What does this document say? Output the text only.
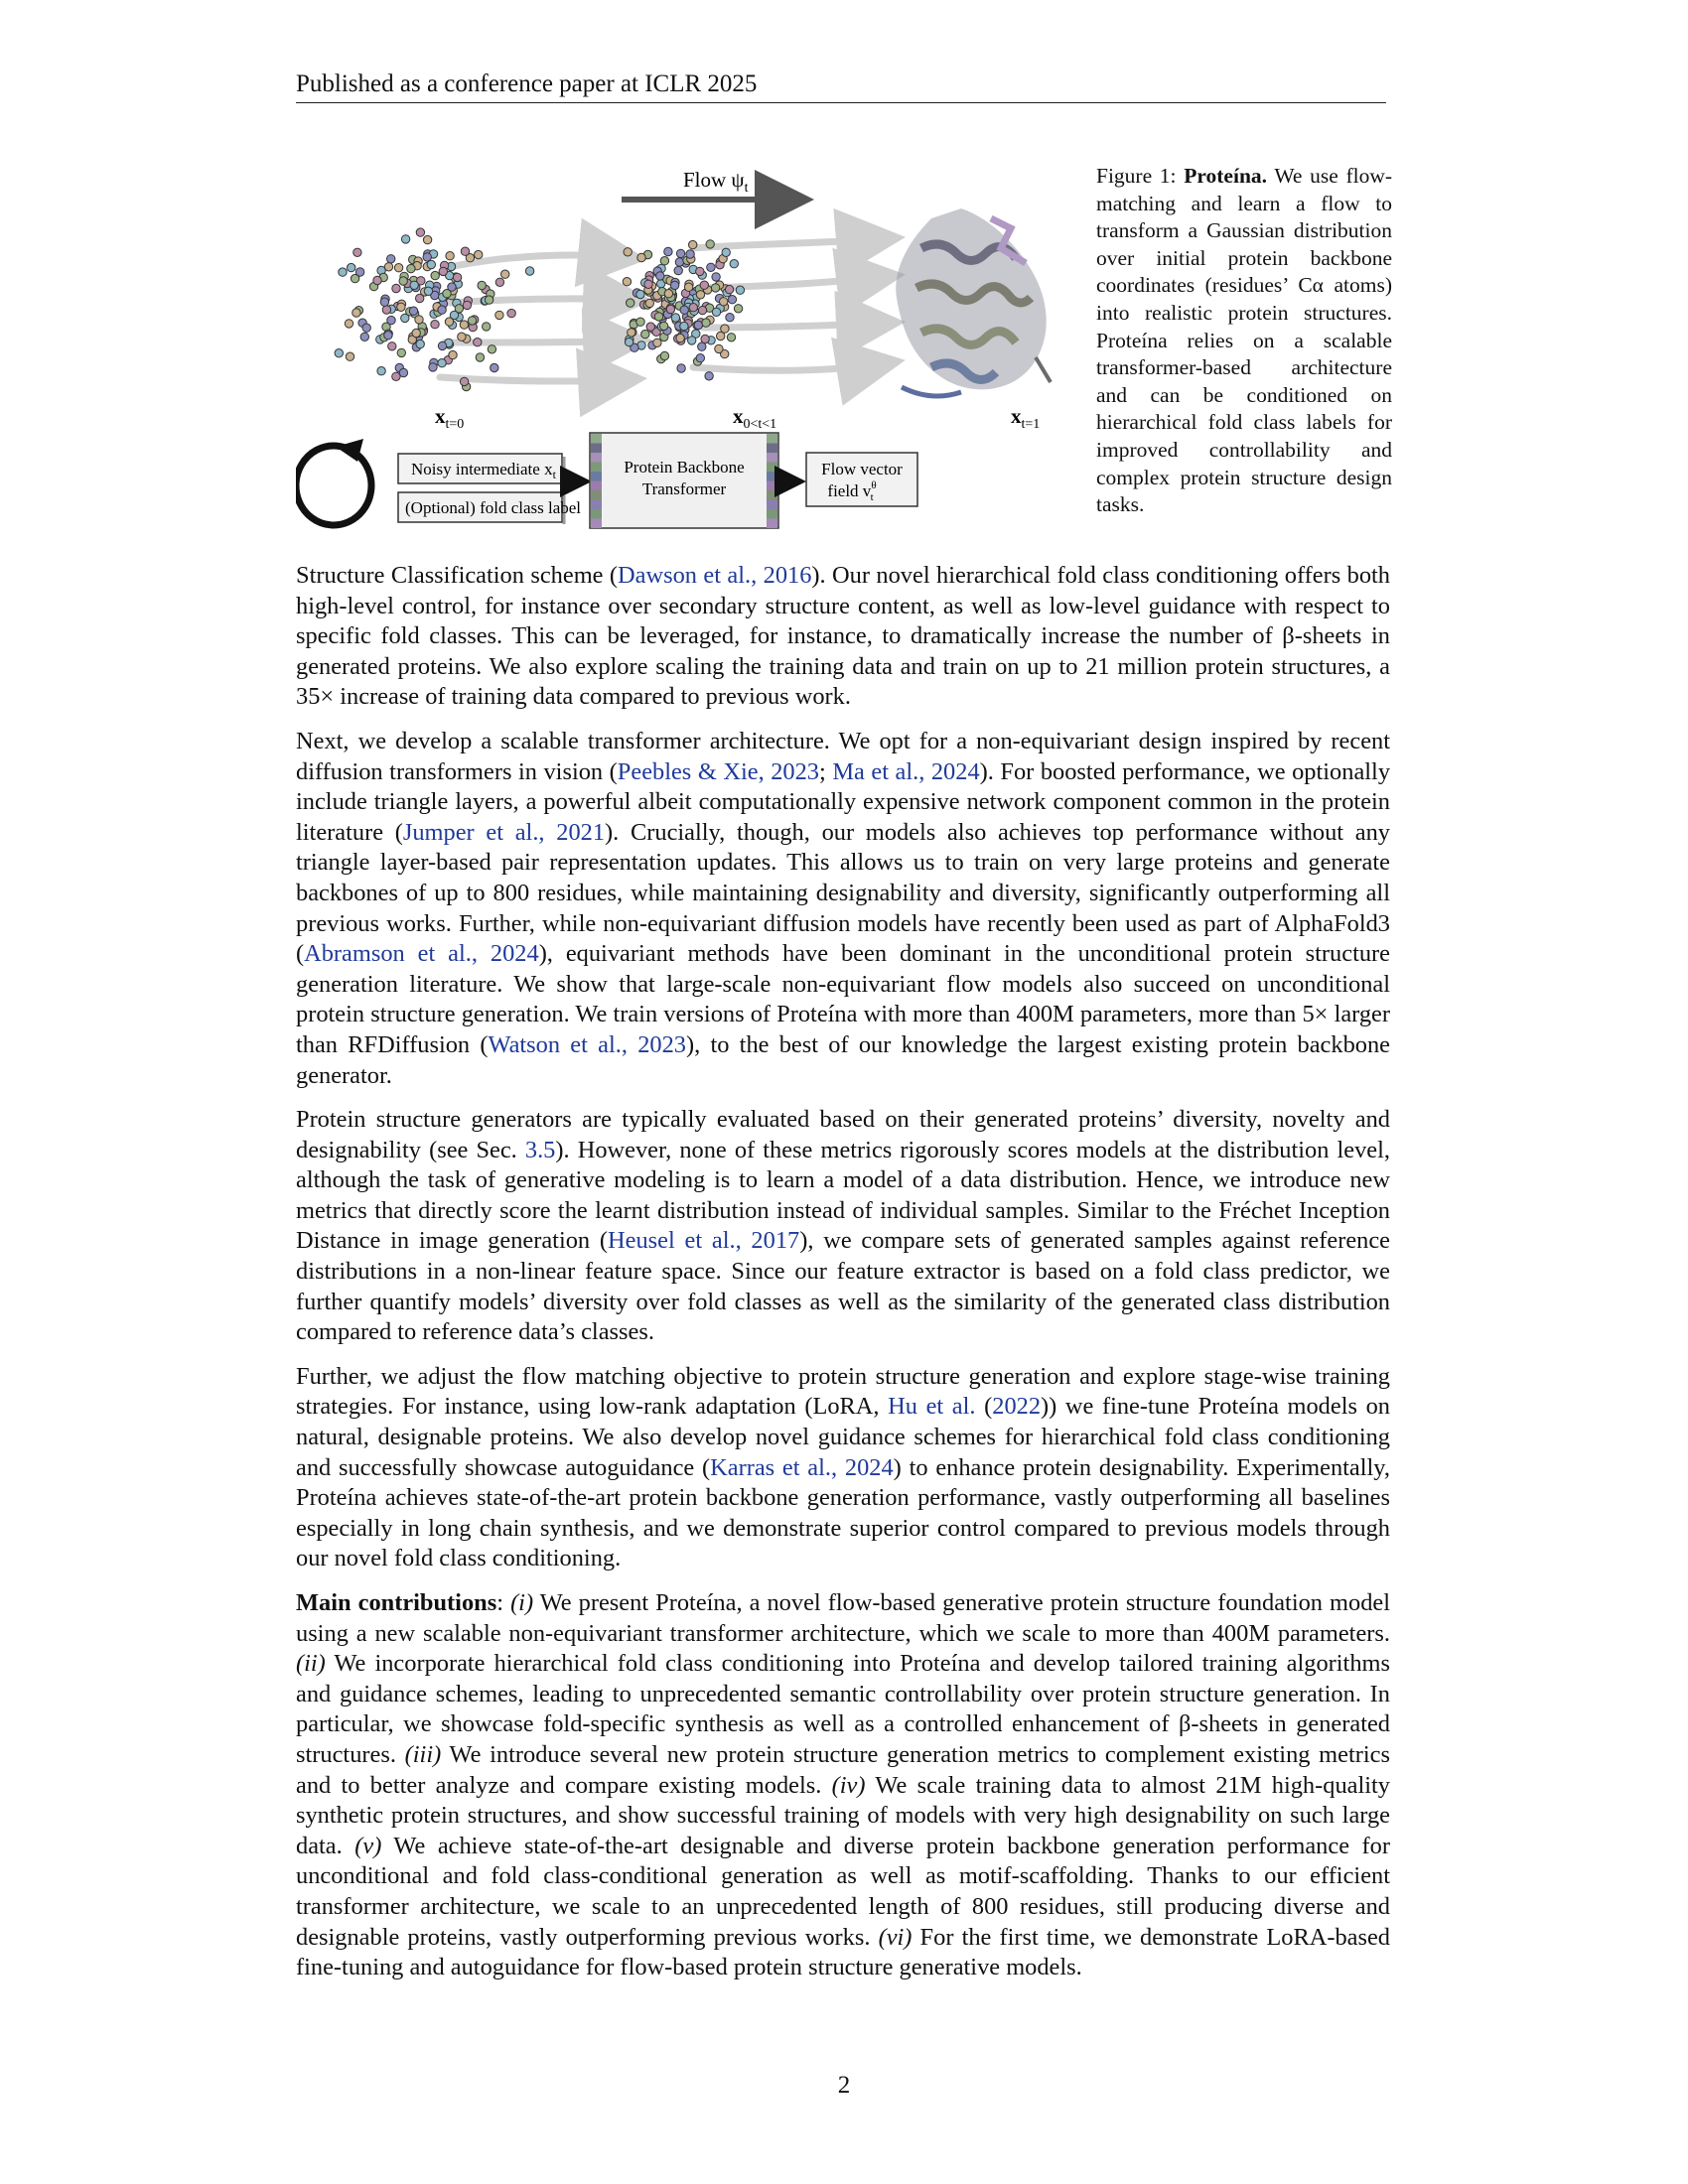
Published as a conference paper at ICLR 2025
Flow $\psi_t$
$x_{t=0}$	$x_{0<t<1}$	$x_{t=1}$
Noisy intermediate $x_t$
(Optional) fold class label
Protein Backbone
Transformer
Flow vector
field $v^\theta$ t
Figure 1: Proteína. We use flow-matching and learn a flow to transform a Gaussian distribution over initial protein backbone coordinates (residues’ Cα atoms) into realistic protein structures. Proteína relies on a scalable transformer-based architecture and can be conditioned on hierarchical fold class labels for improved controllability and complex protein structure design tasks.

Structure Classification scheme (Dawson et al., 2016). Our novel hierarchical fold class conditioning offers both high-level control, for instance over secondary structure content, as well as low-level guidance with respect to specific fold classes. This can be leveraged, for instance, to dramatically increase the number of β-sheets in generated proteins. We also explore scaling the training data and train on up to 21 million protein structures, a 35× increase of training data compared to previous work.

Next, we develop a scalable transformer architecture. We opt for a non-equivariant design inspired by recent diffusion transformers in vision (Peebles & Xie, 2023; Ma et al., 2024). For boosted performance, we optionally include triangle layers, a powerful albeit computationally expensive network component common in the protein literature (Jumper et al., 2021). Crucially, though, our models also achieves top performance without any triangle layer-based pair representation updates. This allows us to train on very large proteins and generate backbones of up to 800 residues, while maintaining designability and diversity, significantly outperforming all previous works. Further, while non-equivariant diffusion models have recently been used as part of AlphaFold3 (Abramson et al., 2024), equivariant methods have been dominant in the unconditional protein structure generation literature. We show that large-scale non-equivariant flow models also succeed on unconditional protein structure generation. We train versions of Proteína with more than 400M parameters, more than 5× larger than RFDiffusion (Watson et al., 2023), to the best of our knowledge the largest existing protein backbone generator.

Protein structure generators are typically evaluated based on their generated proteins’ diversity, novelty and designability (see Sec. 3.5). However, none of these metrics rigorously scores models at the distribution level, although the task of generative modeling is to learn a model of a data distribution. Hence, we introduce new metrics that directly score the learnt distribution instead of individual samples. Similar to the Fréchet Inception Distance in image generation (Heusel et al., 2017), we compare sets of generated samples against reference distributions in a non-linear feature space. Since our feature extractor is based on a fold class predictor, we further quantify models’ diversity over fold classes as well as the similarity of the generated class distribution compared to reference data’s classes.

Further, we adjust the flow matching objective to protein structure generation and explore stage-wise training strategies. For instance, using low-rank adaptation (LoRA, Hu et al. (2022)) we fine-tune Proteína models on natural, designable proteins. We also develop novel guidance schemes for hierarchical fold class conditioning and successfully showcase autoguidance (Karras et al., 2024) to enhance protein designability. Experimentally, Proteína achieves state-of-the-art protein backbone generation performance, vastly outperforming all baselines especially in long chain synthesis, and we demonstrate superior control compared to previous models through our novel fold class conditioning.

Main contributions: (i) We present Proteína, a novel flow-based generative protein structure foundation model using a new scalable non-equivariant transformer architecture, which we scale to more than 400M parameters. (ii) We incorporate hierarchical fold class conditioning into Proteína and develop tailored training algorithms and guidance schemes, leading to unprecedented semantic controllability over protein structure generation. In particular, we showcase fold-specific synthesis as well as a controlled enhancement of β-sheets in generated structures. (iii) We introduce several new protein structure generation metrics to complement existing metrics and to better analyze and compare existing models. (iv) We scale training data to almost 21M high-quality synthetic protein structures, and show successful training of models with very high designability on such large data. (v) We achieve state-of-the-art designable and diverse protein backbone generation performance for unconditional and fold class-conditional generation as well as motif-scaffolding. Thanks to our efficient transformer architecture, we scale to an unprecedented length of 800 residues, still producing diverse and designable proteins, vastly outperforming previous works. (vi) For the first time, we demonstrate LoRA-based fine-tuning and autoguidance for flow-based protein structure generative models.

2
